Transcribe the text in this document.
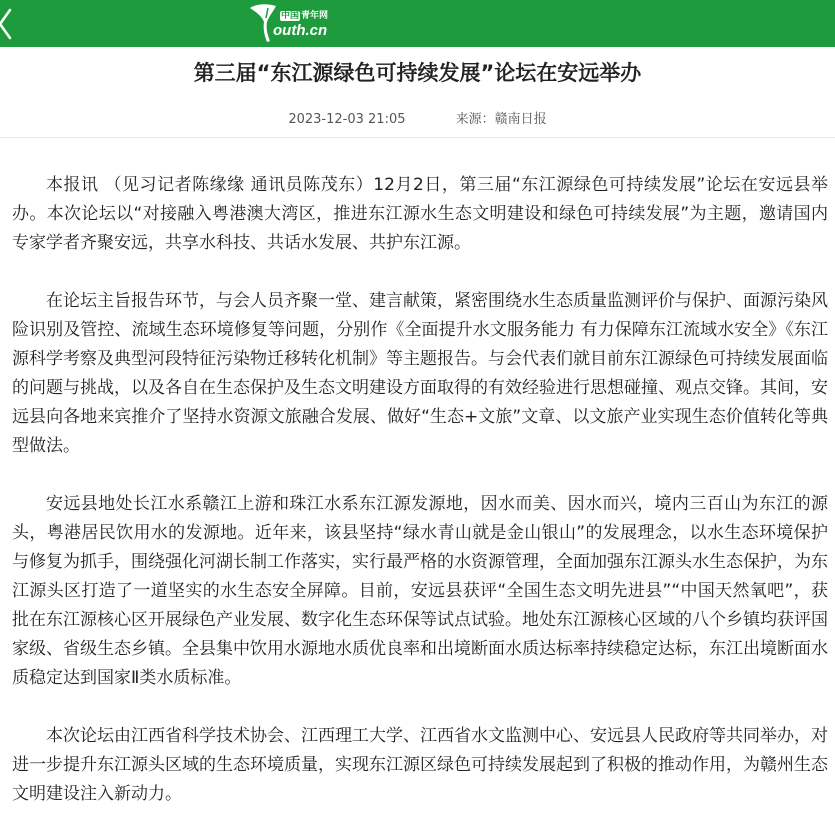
中国 青年网
outh.cn
第三届“东江源绿色可持续发展”论坛在安远举办
2023-12-03 21:05	来源：赣南日报

本报讯 （见习记者陈缘缘 通讯员陈茂东）12月2日，第三届“东江源绿色可持续发展”论坛在安远县举办。本次论坛以“对接融入粤港澳大湾区，推进东江源水生态文明建设和绿色可持续发展”为主题，邀请国内专家学者齐聚安远，共享水科技、共话水发展、共护东江源。

在论坛主旨报告环节，与会人员齐聚一堂、建言献策，紧密围绕水生态质量监测评价与保护、面源污染风险识别及管控、流域生态环境修复等问题，分别作《全面提升水文服务能力 有力保障东江流域水安全》《东江源科学考察及典型河段特征污染物迁移转化机制》等主题报告。与会代表们就目前东江源绿色可持续发展面临的问题与挑战，以及各自在生态保护及生态文明建设方面取得的有效经验进行思想碰撞、观点交锋。其间，安远县向各地来宾推介了坚持水资源文旅融合发展、做好“生态+文旅”文章、以文旅产业实现生态价值转化等典型做法。

安远县地处长江水系赣江上游和珠江水系东江源发源地，因水而美、因水而兴，境内三百山为东江的源头，粤港居民饮用水的发源地。近年来，该县坚持“绿水青山就是金山银山”的发展理念，以水生态环境保护与修复为抓手，围绕强化河湖长制工作落实，实行最严格的水资源管理，全面加强东江源头水生态保护，为东江源头区打造了一道坚实的水生态安全屏障。目前，安远县获评“全国生态文明先进县”“中国天然氧吧”，获批在东江源核心区开展绿色产业发展、数字化生态环保等试点试验。地处东江源核心区域的八个乡镇均获评国家级、省级生态乡镇。全县集中饮用水源地水质优良率和出境断面水质达标率持续稳定达标，东江出境断面水质稳定达到国家Ⅱ类水质标准。

本次论坛由江西省科学技术协会、江西理工大学、江西省水文监测中心、安远县人民政府等共同举办，对进一步提升东江源头区域的生态环境质量，实现东江源区绿色可持续发展起到了积极的推动作用，为赣州生态文明建设注入新动力。
